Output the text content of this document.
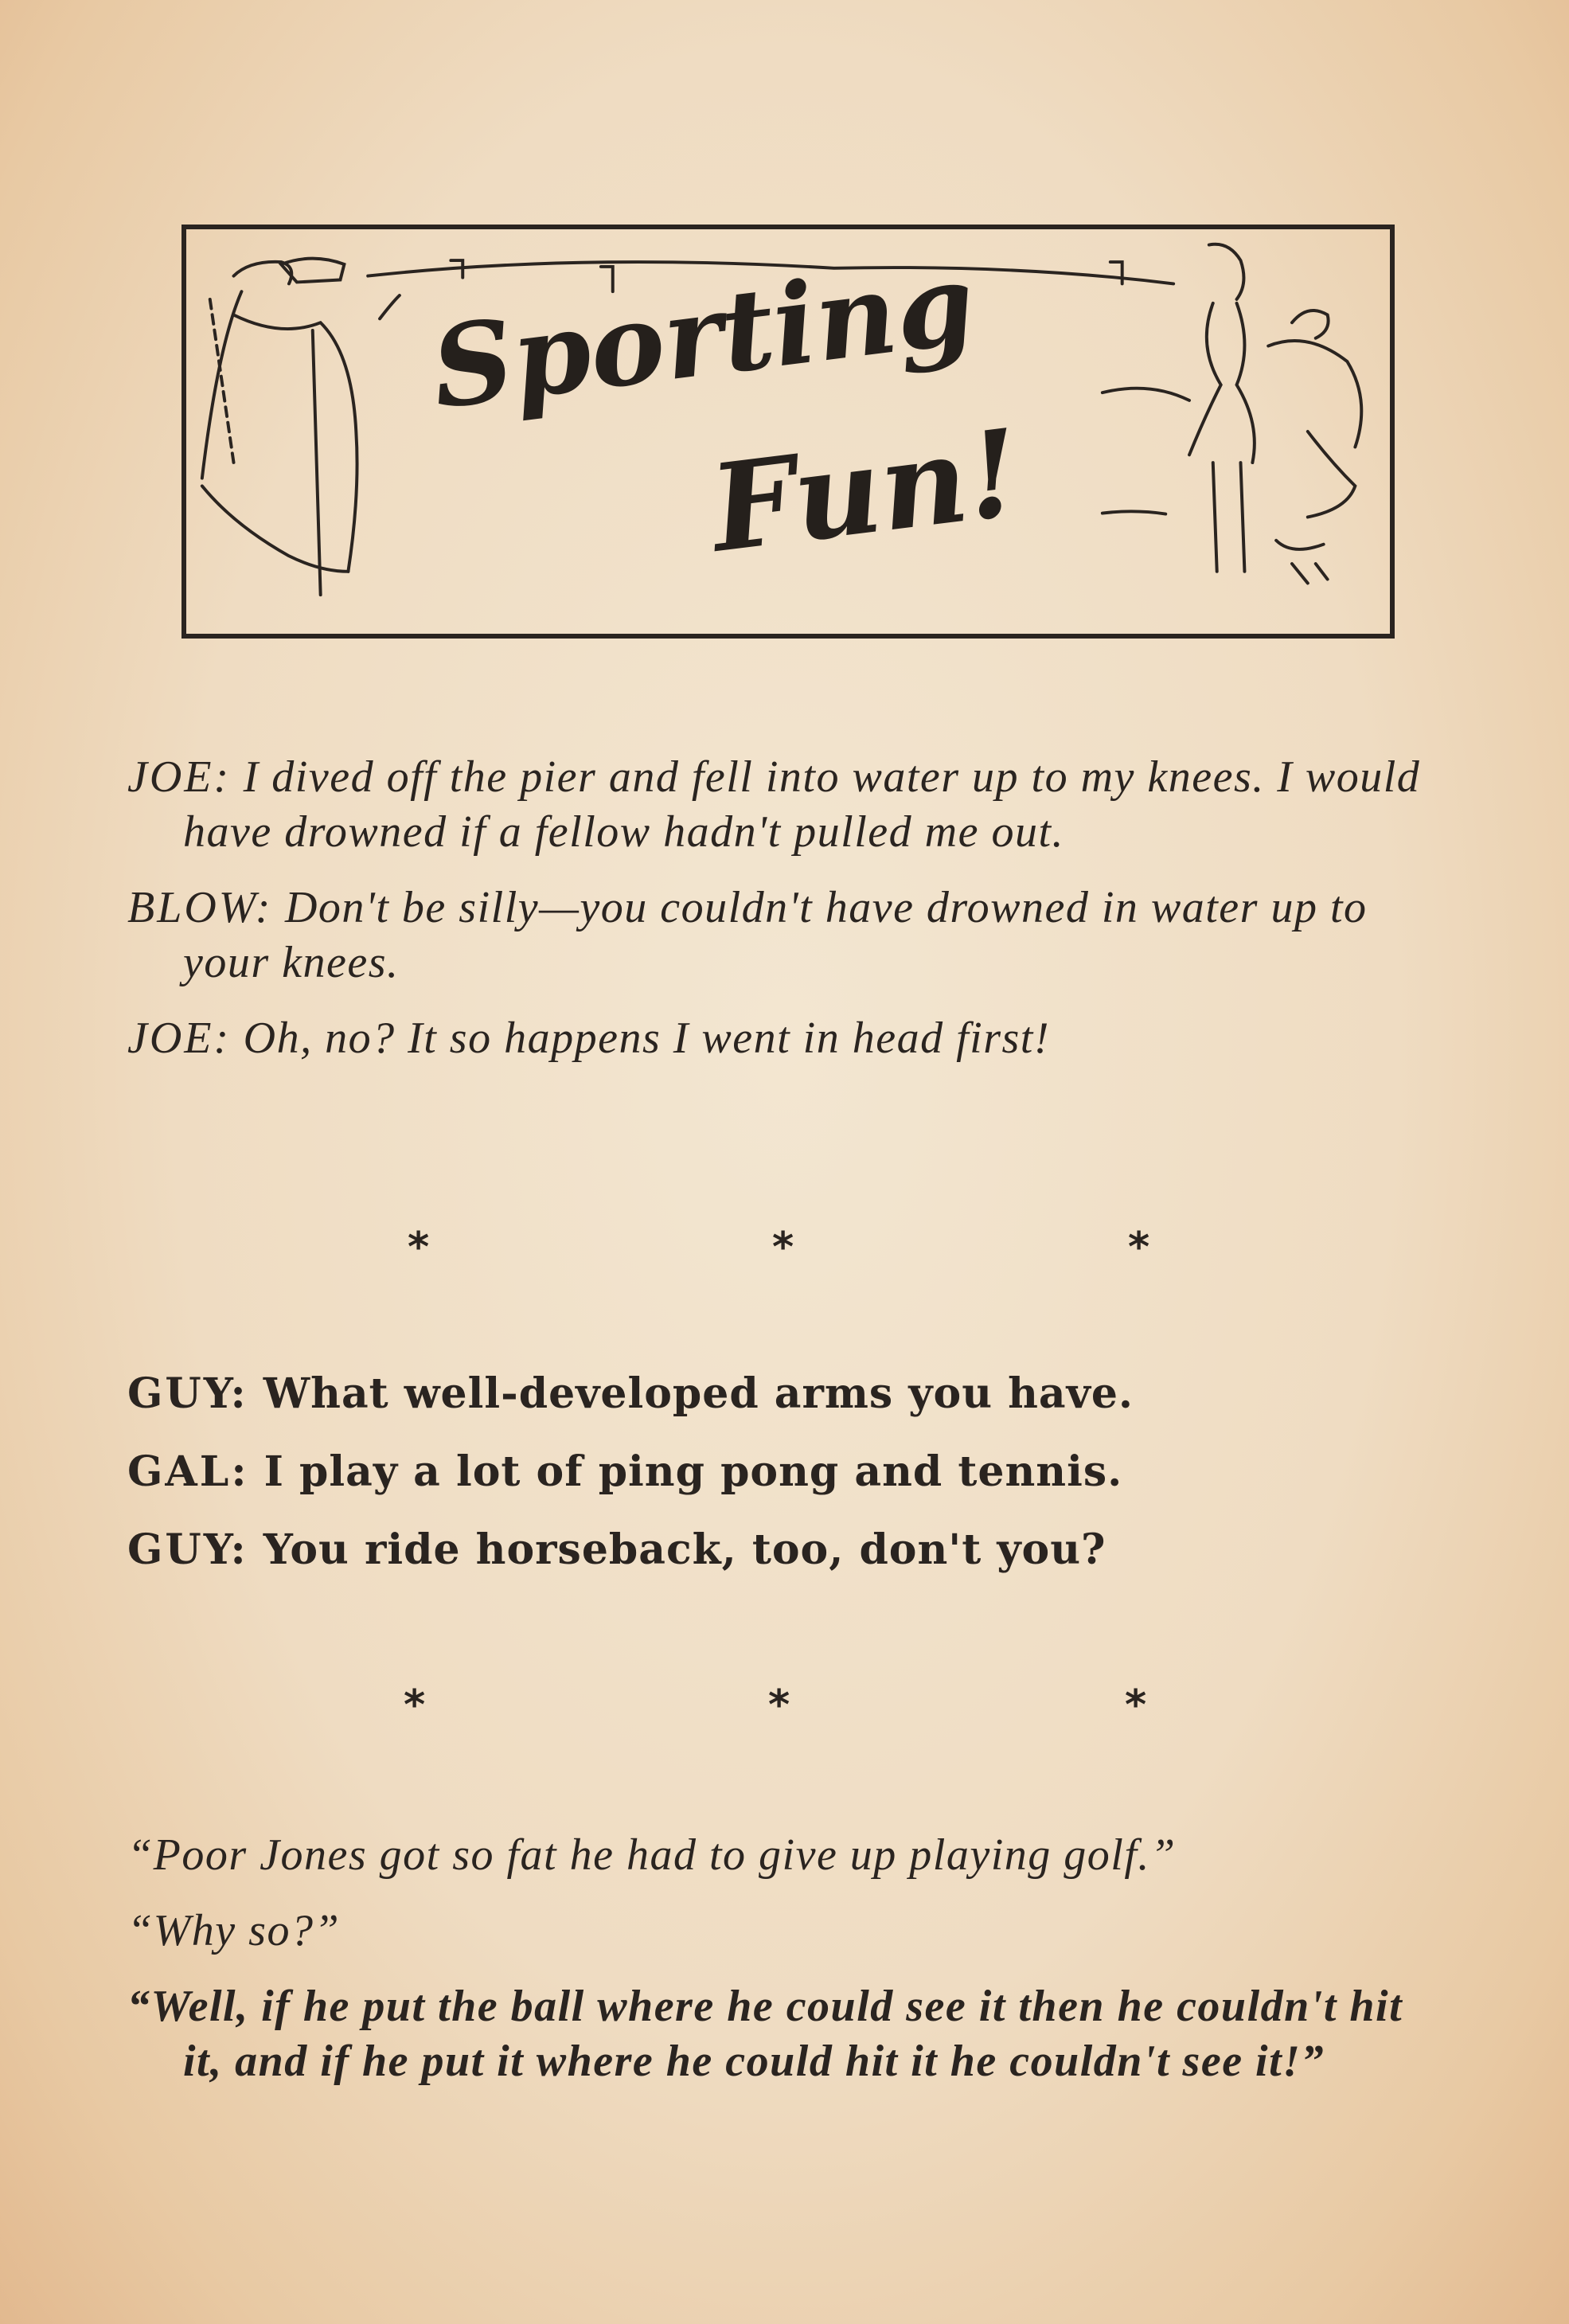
Sporting
Fun!

JOE: I dived off the pier and fell into water up to my knees. I would have drowned if a fellow hadn't pulled me out.

BLOW: Don't be silly—you couldn't have drowned in water up to your knees.

JOE: Oh, no? It so happens I went in head first!

*	*	*

GUY: What well-developed arms you have.

GAL: I play a lot of ping pong and tennis.

GUY: You ride horseback, too, don't you?

*	*	*

“Poor Jones got so fat he had to give up playing golf.”

“Why so?”

“Well, if he put the ball where he could see it then he couldn't hit it, and if he put it where he could hit it he couldn't see it!”
